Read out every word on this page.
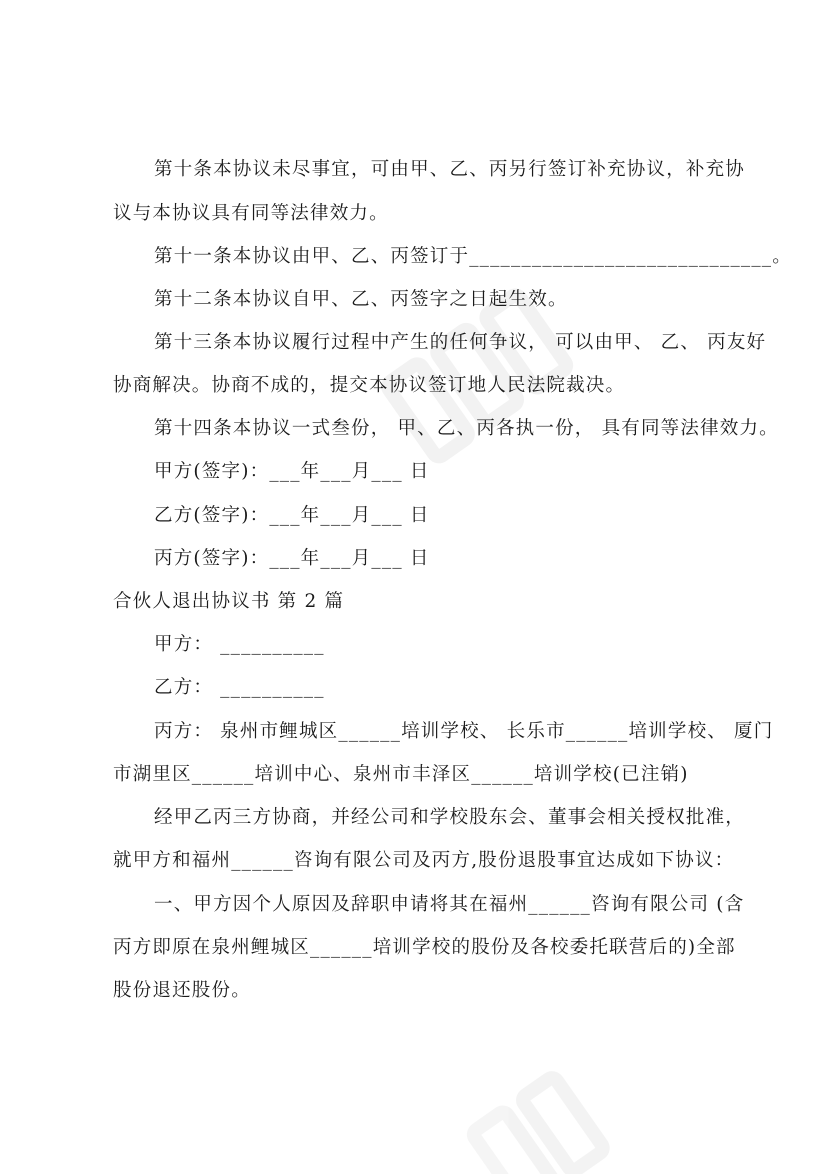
第十条本协议未尽事宜，可由甲、乙、丙另行签订补充协议，补充协
议与本协议具有同等法律效力。
第十一条本协议由甲、乙、丙签订于_____________________________。
第十二条本协议自甲、乙、丙签字之日起生效。
第十三条本协议履行过程中产生的任何争议， 可以由甲、 乙、 丙友好
协商解决。协商不成的，提交本协议签订地人民法院裁决。
第十四条本协议一式叁份， 甲、乙、丙各执一份， 具有同等法律效力。
甲方(签字)：___年___月___ 日
乙方(签字)：___年___月___ 日
丙方(签字)：___年___月___ 日
合伙人退出协议书 第 2 篇
甲方： __________
乙方： __________
丙方： 泉州市鲤城区______培训学校、 长乐市______培训学校、 厦门
市湖里区______培训中心、泉州市丰泽区______培训学校(已注销)
经甲乙丙三方协商，并经公司和学校股东会、董事会相关授权批准，
就甲方和福州______咨询有限公司及丙方,股份退股事宜达成如下协议：
一、甲方因个人原因及辞职申请将其在福州______咨询有限公司 (含
丙方即原在泉州鲤城区______培训学校的股份及各校委托联营后的)全部
股份退还股份。
